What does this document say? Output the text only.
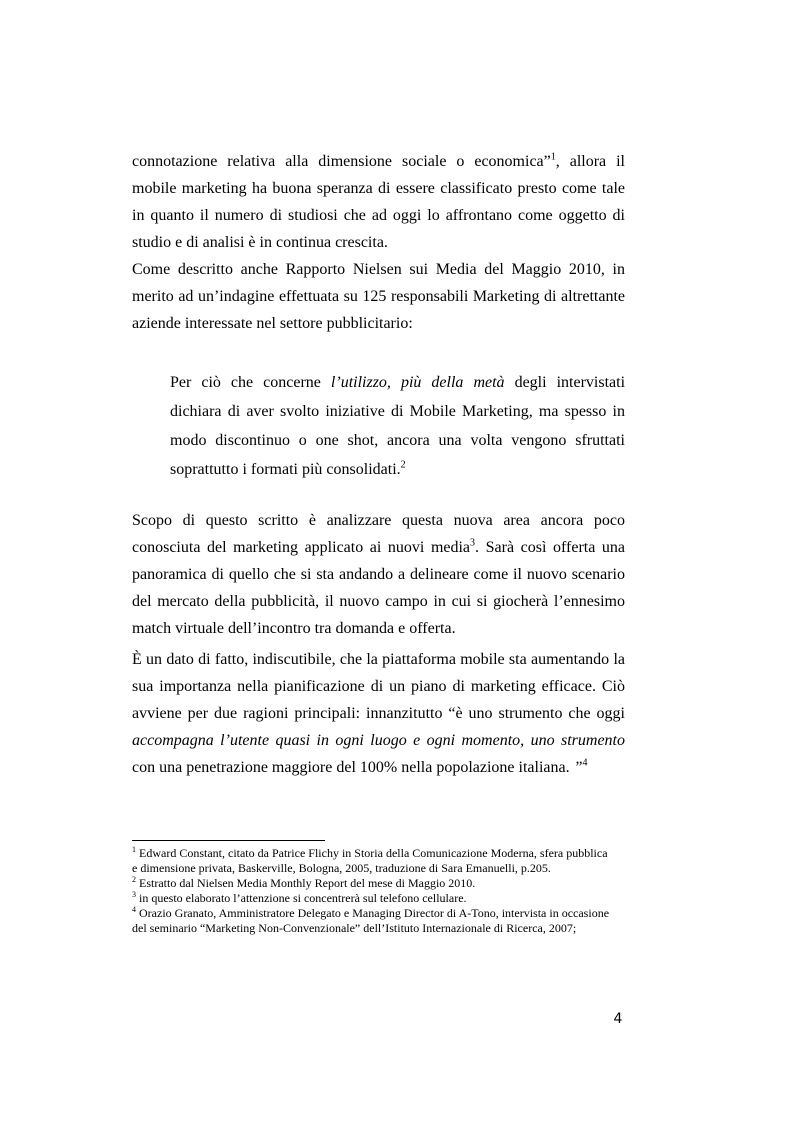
connotazione relativa alla dimensione sociale o economica”$^1$, allora il mobile marketing ha buona speranza di essere classificato presto come tale in quanto il numero di studiosi che ad oggi lo affrontano come oggetto di studio e di analisi è in continua crescita.

Come descritto anche Rapporto Nielsen sui Media del Maggio 2010, in merito ad un’indagine effettuata su 125 responsabili Marketing di altrettante aziende interessate nel settore pubblicitario:

Per ciò che concerne l’utilizzo, più della metà degli intervistati dichiara di aver svolto iniziative di Mobile Marketing, ma spesso in modo discontinuo o one shot, ancora una volta vengono sfruttati soprattutto i formati più consolidati.$^2$

Scopo di questo scritto è analizzare questa nuova area ancora poco conosciuta del marketing applicato ai nuovi media$^3$. Sarà così offerta una panoramica di quello che si sta andando a delineare come il nuovo scenario del mercato della pubblicità, il nuovo campo in cui si giocherà l’ennesimo match virtuale dell’incontro tra domanda e offerta.

È un dato di fatto, indiscutibile, che la piattaforma mobile sta aumentando la sua importanza nella pianificazione di un piano di marketing efficace. Ciò avviene per due ragioni principali: innanzitutto “è uno strumento che oggi accompagna l’utente quasi in ogni luogo e ogni momento, uno strumento con una penetrazione maggiore del 100% nella popolazione italiana. ”$^4$

$^1$ Edward Constant, citato da Patrice Flichy in Storia della Comunicazione Moderna, sfera pubblica e dimensione privata, Baskerville, Bologna, 2005, traduzione di Sara Emanuelli, p.205.

$^2$ Estratto dal Nielsen Media Monthly Report del mese di Maggio 2010.

$^3$ in questo elaborato l’attenzione si concentrerà sul telefono cellulare.

$^4$ Orazio Granato, Amministratore Delegato e Managing Director di A-Tono, intervista in occasione del seminario “Marketing Non-Convenzionale” dell’Istituto Internazionale di Ricerca, 2007;

4
